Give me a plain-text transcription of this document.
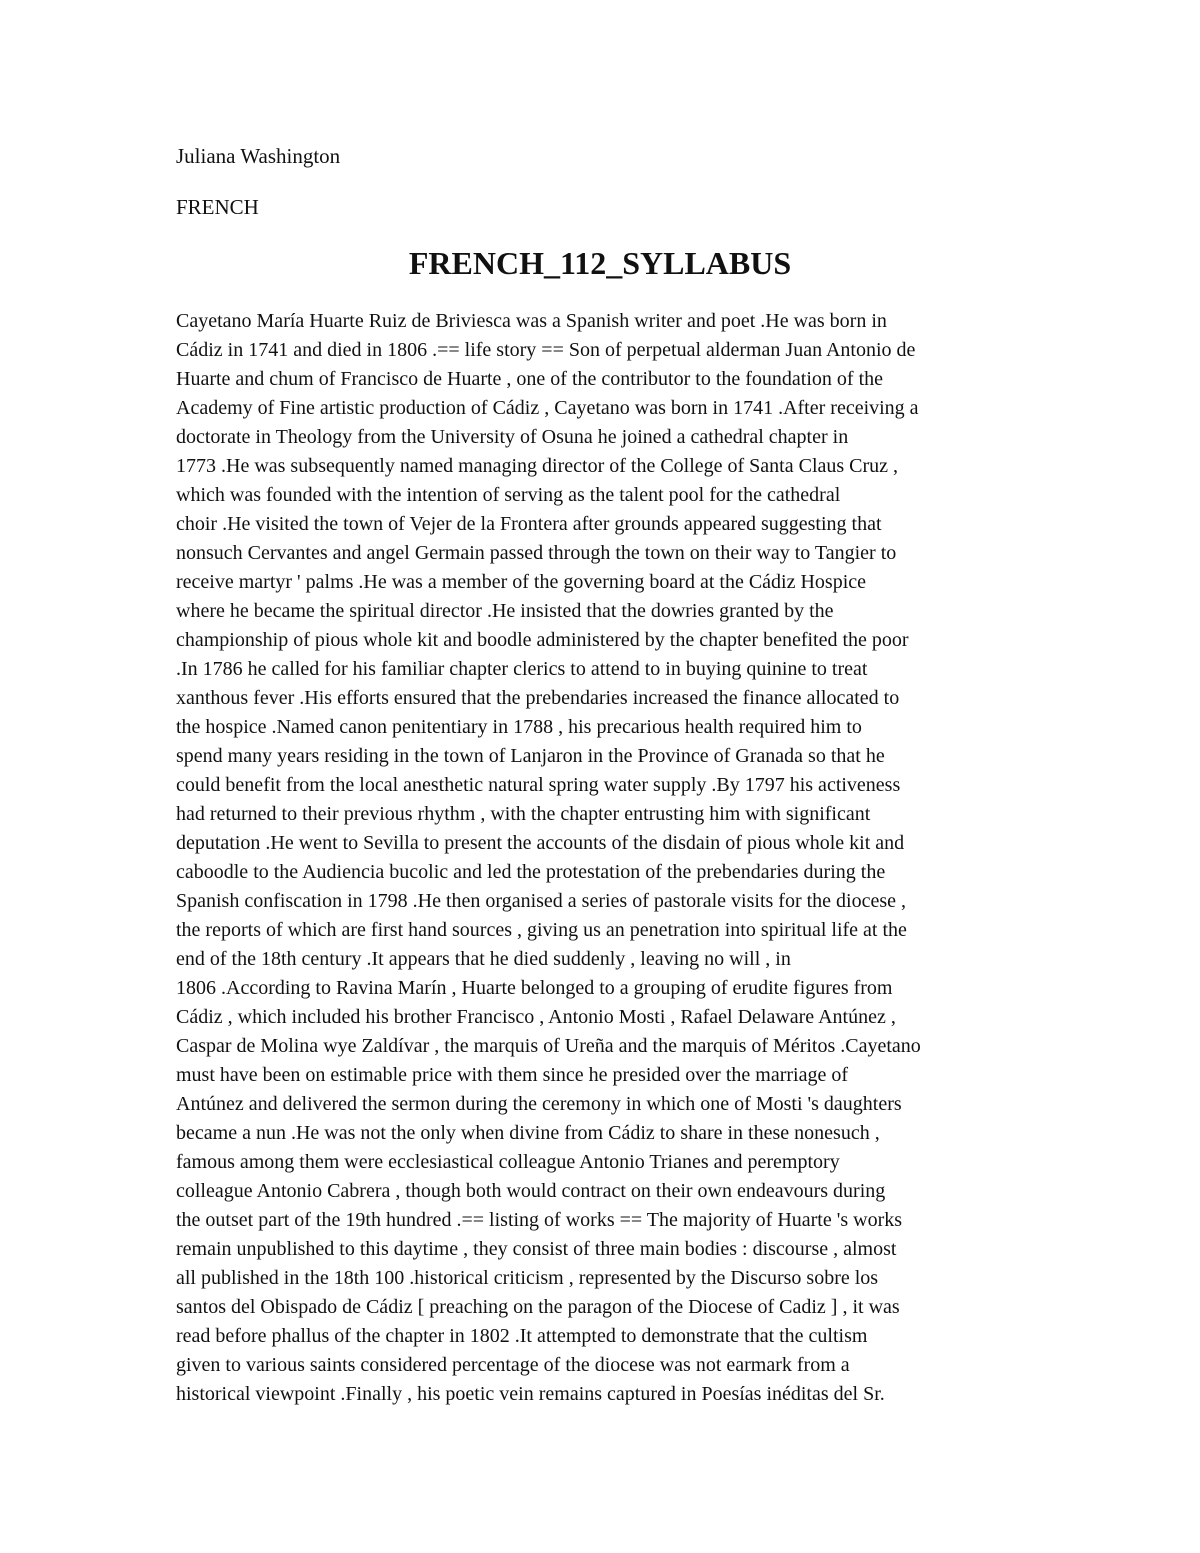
Juliana Washington

FRENCH

FRENCH_112_SYLLABUS
Cayetano María Huarte Ruiz de Briviesca was a Spanish writer and poet .He was born in
Cádiz in 1741 and died in 1806 .== life story == Son of perpetual alderman Juan Antonio de
Huarte and chum of Francisco de Huarte , one of the contributor to the foundation of the
Academy of Fine artistic production of Cádiz , Cayetano was born in 1741 .After receiving a
doctorate in Theology from the University of Osuna he joined a cathedral chapter in
1773 .He was subsequently named managing director of the College of Santa Claus Cruz ,
which was founded with the intention of serving as the talent pool for the cathedral
choir .He visited the town of Vejer de la Frontera after grounds appeared suggesting that
nonsuch Cervantes and angel Germain passed through the town on their way to Tangier to
receive martyr ' palms .He was a member of the governing board at the Cádiz Hospice
where he became the spiritual director .He insisted that the dowries granted by the
championship of pious whole kit and boodle administered by the chapter benefited the poor
.In 1786 he called for his familiar chapter clerics to attend to in buying quinine to treat
xanthous fever .His efforts ensured that the prebendaries increased the finance allocated to
the hospice .Named canon penitentiary in 1788 , his precarious health required him to
spend many years residing in the town of Lanjaron in the Province of Granada so that he
could benefit from the local anesthetic natural spring water supply .By 1797 his activeness
had returned to their previous rhythm , with the chapter entrusting him with significant
deputation .He went to Sevilla to present the accounts of the disdain of pious whole kit and
caboodle to the Audiencia bucolic and led the protestation of the prebendaries during the
Spanish confiscation in 1798 .He then organised a series of pastorale visits for the diocese ,
the reports of which are first hand sources , giving us an penetration into spiritual life at the
end of the 18th century .It appears that he died suddenly , leaving no will , in
1806 .According to Ravina Marín , Huarte belonged to a grouping of erudite figures from
Cádiz , which included his brother Francisco , Antonio Mosti , Rafael Delaware Antúnez ,
Caspar de Molina wye Zaldívar , the marquis of Ureña and the marquis of Méritos .Cayetano
must have been on estimable price with them since he presided over the marriage of
Antúnez and delivered the sermon during the ceremony in which one of Mosti 's daughters
became a nun .He was not the only when divine from Cádiz to share in these nonesuch ,
famous among them were ecclesiastical colleague Antonio Trianes and peremptory
colleague Antonio Cabrera , though both would contract on their own endeavours during
the outset part of the 19th hundred .== listing of works == The majority of Huarte 's works
remain unpublished to this daytime , they consist of three main bodies : discourse , almost
all published in the 18th 100 .historical criticism , represented by the Discurso sobre los
santos del Obispado de Cádiz [ preaching on the paragon of the Diocese of Cadiz ] , it was
read before phallus of the chapter in 1802 .It attempted to demonstrate that the cultism
given to various saints considered percentage of the diocese was not earmark from a
historical viewpoint .Finally , his poetic vein remains captured in Poesías inéditas del Sr.
